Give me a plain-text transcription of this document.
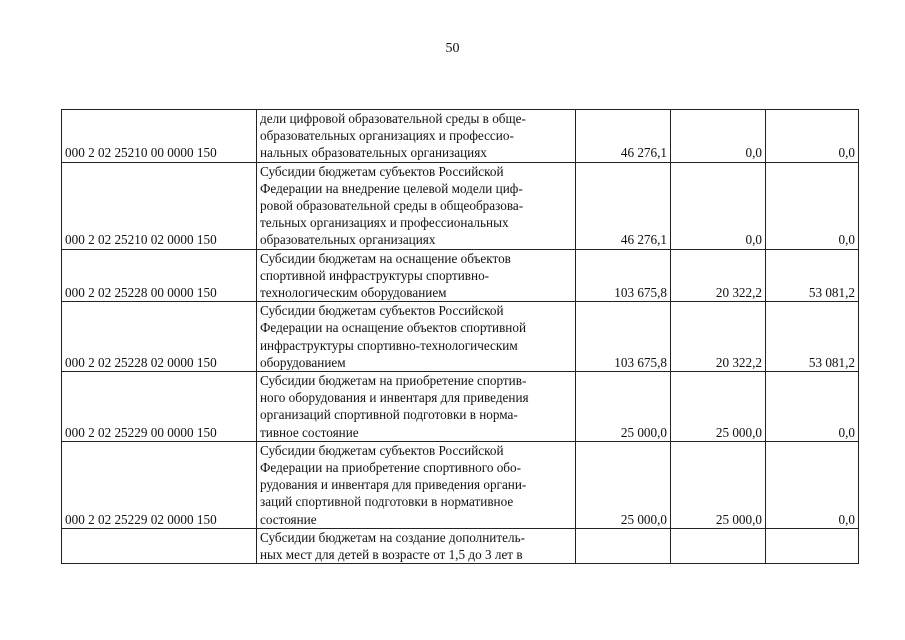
50
000 2 02 25210 00 0000 150	дели цифровой образовательной среды в обще-
образовательных организациях и профессио-
нальных образовательных организациях	46 276,1	0,0	0,0
000 2 02 25210 02 0000 150	Субсидии бюджетам субъектов Российской
Федерации на внедрение целевой модели циф-
ровой образовательной среды в общеобразова-
тельных организациях и профессиональных
образовательных организациях	46 276,1	0,0	0,0
000 2 02 25228 00 0000 150	Субсидии бюджетам на оснащение объектов
спортивной инфраструктуры спортивно-
технологическим оборудованием	103 675,8	20 322,2	53 081,2
000 2 02 25228 02 0000 150	Субсидии бюджетам субъектов Российской
Федерации на оснащение объектов спортивной
инфраструктуры спортивно-технологическим
оборудованием	103 675,8	20 322,2	53 081,2
000 2 02 25229 00 0000 150	Субсидии бюджетам на приобретение спортив-
ного оборудования и инвентаря для приведения
организаций спортивной подготовки в норма-
тивное состояние	25 000,0	25 000,0	0,0
000 2 02 25229 02 0000 150	Субсидии бюджетам субъектов Российской
Федерации на приобретение спортивного обо-
рудования и инвентаря для приведения органи-
заций спортивной подготовки в нормативное
состояние	25 000,0	25 000,0	0,0

	Субсидии бюджетам на создание дополнитель-
ных мест для детей в возрасте от 1,5 до 3 лет в			
